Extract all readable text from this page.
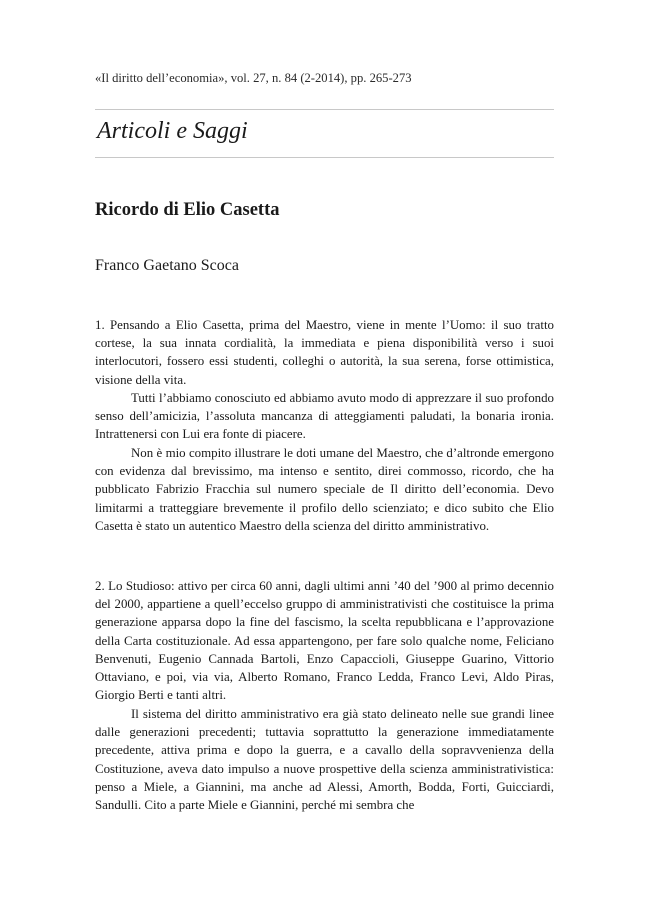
«Il diritto dell’economia», vol. 27, n. 84 (2-2014), pp. 265-273
Articoli e Saggi
Ricordo di Elio Casetta
Franco Gaetano Scoca

1. Pensando a Elio Casetta, prima del Maestro, viene in mente l’Uomo: il suo tratto cortese, la sua innata cordialità, la immediata e piena disponibilità verso i suoi interlocutori, fossero essi studenti, colleghi o autorità, la sua serena, forse ottimistica, visione della vita.

Tutti l’abbiamo conosciuto ed abbiamo avuto modo di apprezzare il suo profondo senso dell’amicizia, l’assoluta mancanza di atteggiamenti paludati, la bonaria ironia. Intrattenersi con Lui era fonte di piacere.

Non è mio compito illustrare le doti umane del Maestro, che d’altronde emergono con evidenza dal brevissimo, ma intenso e sentito, direi commosso, ricordo, che ha pubblicato Fabrizio Fracchia sul numero speciale de Il diritto dell’economia. Devo limitarmi a tratteggiare brevemente il profilo dello scienziato; e dico subito che Elio Casetta è stato un autentico Maestro della scienza del diritto amministrativo.

2. Lo Studioso: attivo per circa 60 anni, dagli ultimi anni ’40 del ’900 al primo decennio del 2000, appartiene a quell’eccelso gruppo di amministrativisti che costituisce la prima generazione apparsa dopo la fine del fascismo, la scelta repubblicana e l’approvazione della Carta costituzionale. Ad essa appartengono, per fare solo qualche nome, Feliciano Benvenuti, Eugenio Cannada Bartoli, Enzo Capaccioli, Giuseppe Guarino, Vittorio Ottaviano, e poi, via via, Alberto Romano, Franco Ledda, Franco Levi, Aldo Piras, Giorgio Berti e tanti altri.

Il sistema del diritto amministrativo era già stato delineato nelle sue grandi linee dalle generazioni precedenti; tuttavia soprattutto la generazione immediatamente precedente, attiva prima e dopo la guerra, e a cavallo della sopravvenienza della Costituzione, aveva dato impulso a nuove prospettive della scienza amministrativistica: penso a Miele, a Giannini, ma anche ad Alessi, Amorth, Bodda, Forti, Guicciardi, Sandulli. Cito a parte Miele e Giannini, perché mi sembra che
